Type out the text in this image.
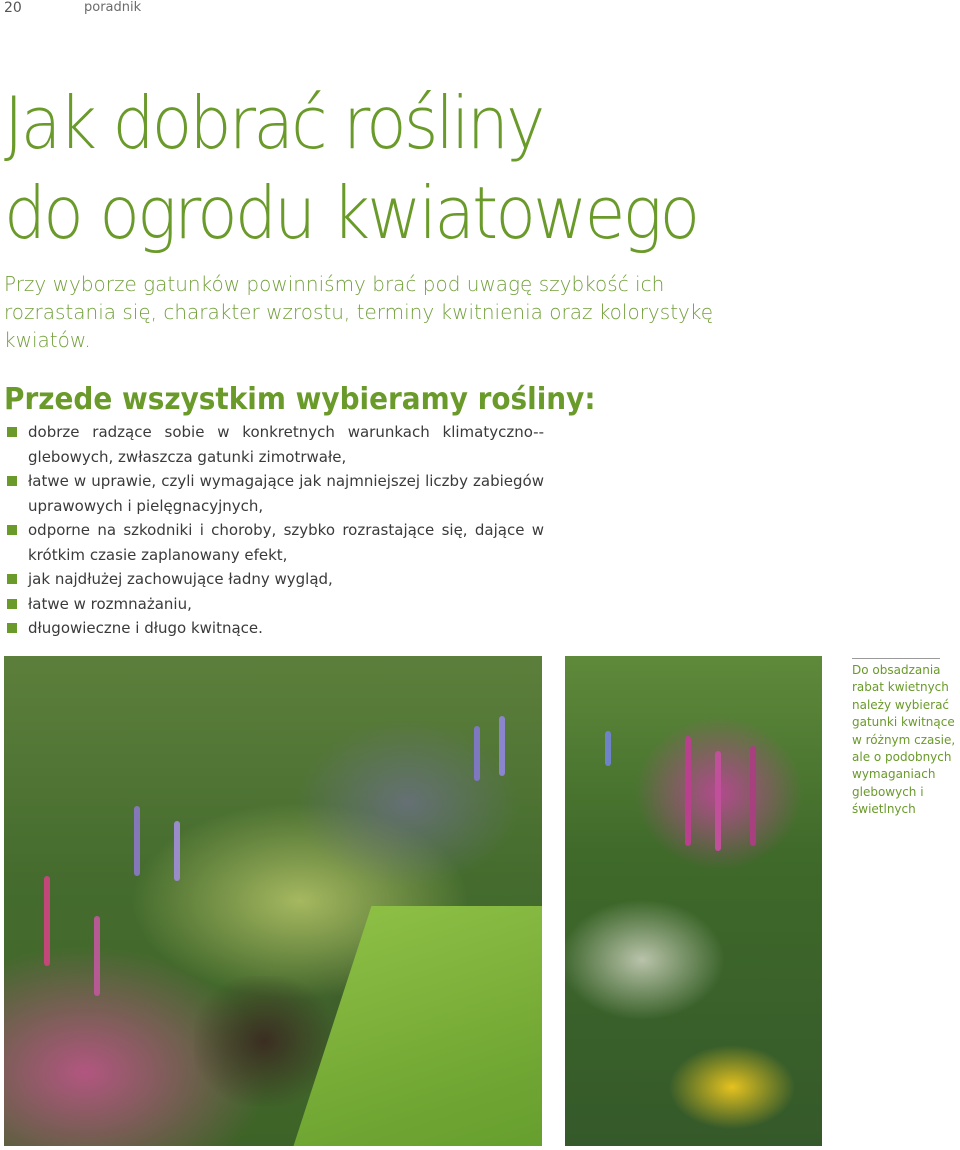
20	poradnik
Jak dobrać rośliny
do ogrodu kwiatowego

Przy wyborze gatunków powinniśmy brać pod uwagę szybkość ich rozrastania się, charakter wzrostu, terminy kwitnienia oraz kolorystykę kwiatów.

Przede wszystkim wybieramy rośliny:
dobrze radzące sobie w konkretnych warunkach klimatyczno--glebowych, zwłaszcza gatunki zimotrwałe,
łatwe w uprawie, czyli wymagające jak najmniejszej liczby zabiegów uprawowych i pielęgnacyjnych,
odporne na szkodniki i choroby, szybko rozrastające się, dające w krótkim czasie zaplanowany efekt,
jak najdłużej zachowujące ładny wygląd,
łatwe w rozmnażaniu,
długowieczne i długo kwitnące.

Do obsadzania rabat kwietnych należy wybierać gatunki kwitnące w różnym czasie, ale o podobnych wymaganiach glebowych i świetlnych
